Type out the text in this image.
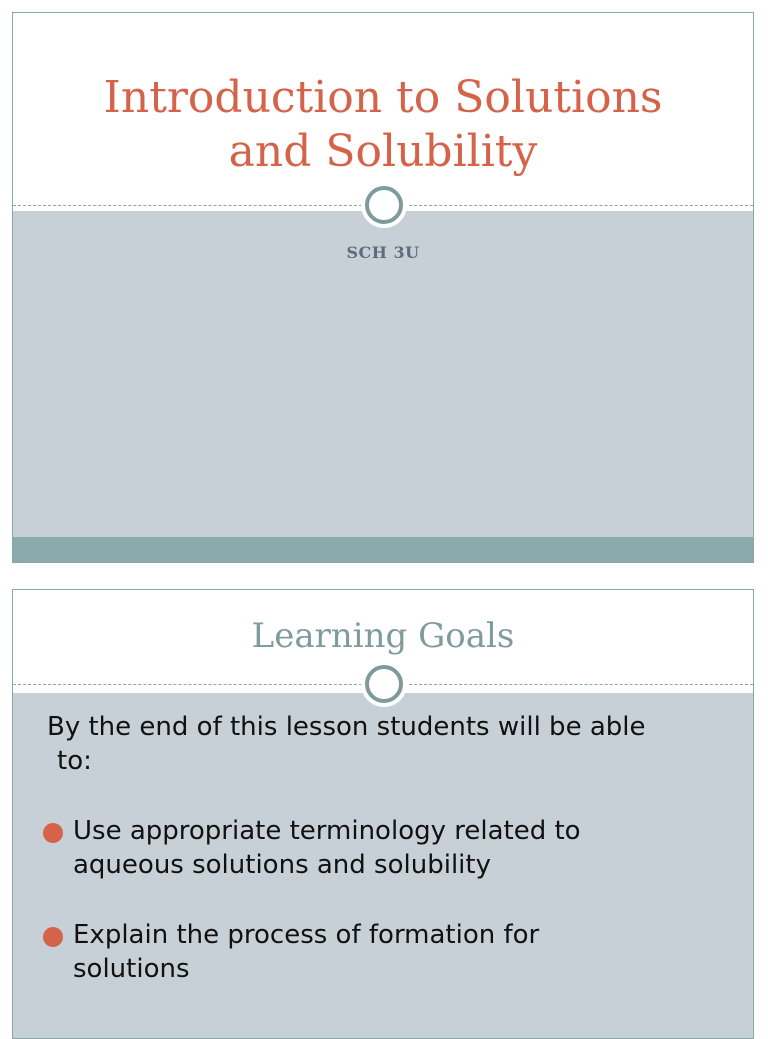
Introduction to Solutions
and Solubility
SCH 3U
Learning Goals
By the end of this lesson students will be able
to:
Use appropriate terminology related to
aqueous solutions and solubility
Explain the process of formation for
solutions
